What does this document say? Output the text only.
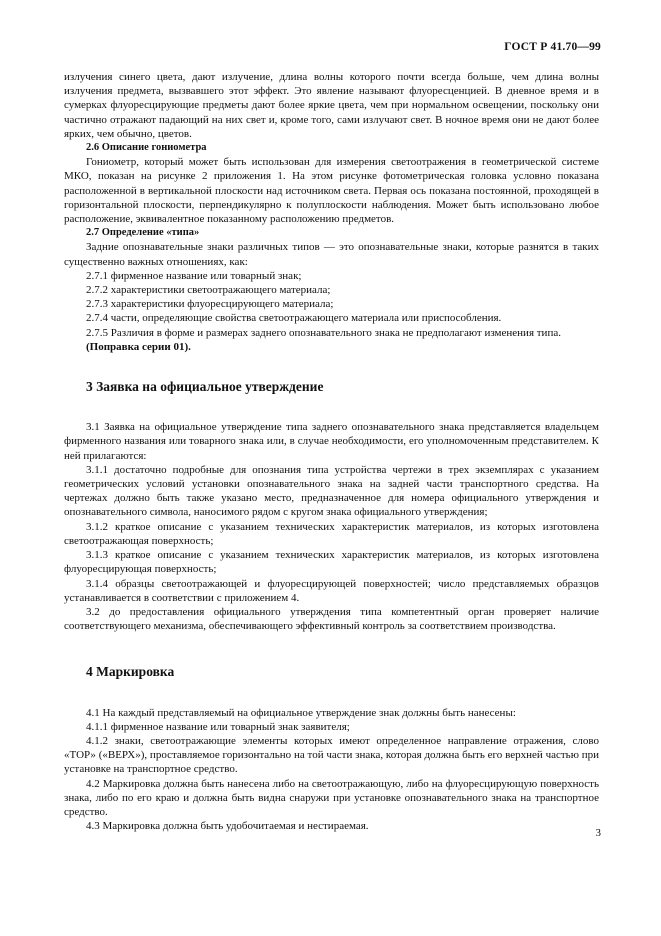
ГОСТ Р 41.70—99

излучения синего цвета, дают излучение, длина волны которого почти всегда больше, чем длина волны излучения предмета, вызвавшего этот эффект. Это явление называют флуоресценцией. В дневное время и в сумерках флуоресцирующие предметы дают более яркие цвета, чем при нормальном освещении, поскольку они частично отражают падающий на них свет и, кроме того, сами излучают свет. В ночное время они не дают более ярких, чем обычно, цветов.

2.6 Описание гониометра

Гониометр, который может быть использован для измерения светоотражения в геометрической системе МКО, показан на рисунке 2 приложения 1. На этом рисунке фотометрическая головка условно показана расположенной в вертикальной плоскости над источником света. Первая ось показана постоянной, проходящей в горизонтальной плоскости, перпендикулярно к полуплоскости наблюдения. Может быть использовано любое расположение, эквивалентное показанному расположению предметов.

2.7 Определение «типа»

Задние опознавательные знаки различных типов — это опознавательные знаки, которые разнятся в таких существенно важных отношениях, как:

2.7.1 фирменное название или товарный знак;

2.7.2 характеристики светоотражающего материала;

2.7.3 характеристики флуоресцирующего материала;

2.7.4 части, определяющие свойства светоотражающего материала или приспособления.

2.7.5 Различия в форме и размерах заднего опознавательного знака не предполагают изменения типа.

(Поправка серии 01).

3 Заявка на официальное утверждение

3.1 Заявка на официальное утверждение типа заднего опознавательного знака представляется владельцем фирменного названия или товарного знака или, в случае необходимости, его уполномоченным представителем. К ней прилагаются:

3.1.1 достаточно подробные для опознания типа устройства чертежи в трех экземплярах с указанием геометрических условий установки опознавательного знака на задней части транспортного средства. На чертежах должно быть также указано место, предназначенное для номера официального утверждения и опознавательного символа, наносимого рядом с кругом знака официального утверждения;

3.1.2 краткое описание с указанием технических характеристик материалов, из которых изготовлена светоотражающая поверхность;

3.1.3 краткое описание с указанием технических характеристик материалов, из которых изготовлена флуоресцирующая поверхность;

3.1.4 образцы светоотражающей и флуоресцирующей поверхностей; число представляемых образцов устанавливается в соответствии с приложением 4.

3.2 до предоставления официального утверждения типа компетентный орган проверяет наличие соответствующего механизма, обеспечивающего эффективный контроль за соответствием производства.

4 Маркировка

4.1 На каждый представляемый на официальное утверждение знак должны быть нанесены:

4.1.1 фирменное название или товарный знак заявителя;

4.1.2 знаки, светоотражающие элементы которых имеют определенное направление отражения, слово «ТОР» («ВЕРХ»), проставляемое горизонтально на той части знака, которая должна быть его верхней частью при установке на транспортное средство.

4.2 Маркировка должна быть нанесена либо на светоотражающую, либо на флуоресцирующую поверхность знака, либо по его краю и должна быть видна снаружи при установке опознавательного знака на транспортное средство.

4.3 Маркировка должна быть удобочитаемая и нестираемая.

3
